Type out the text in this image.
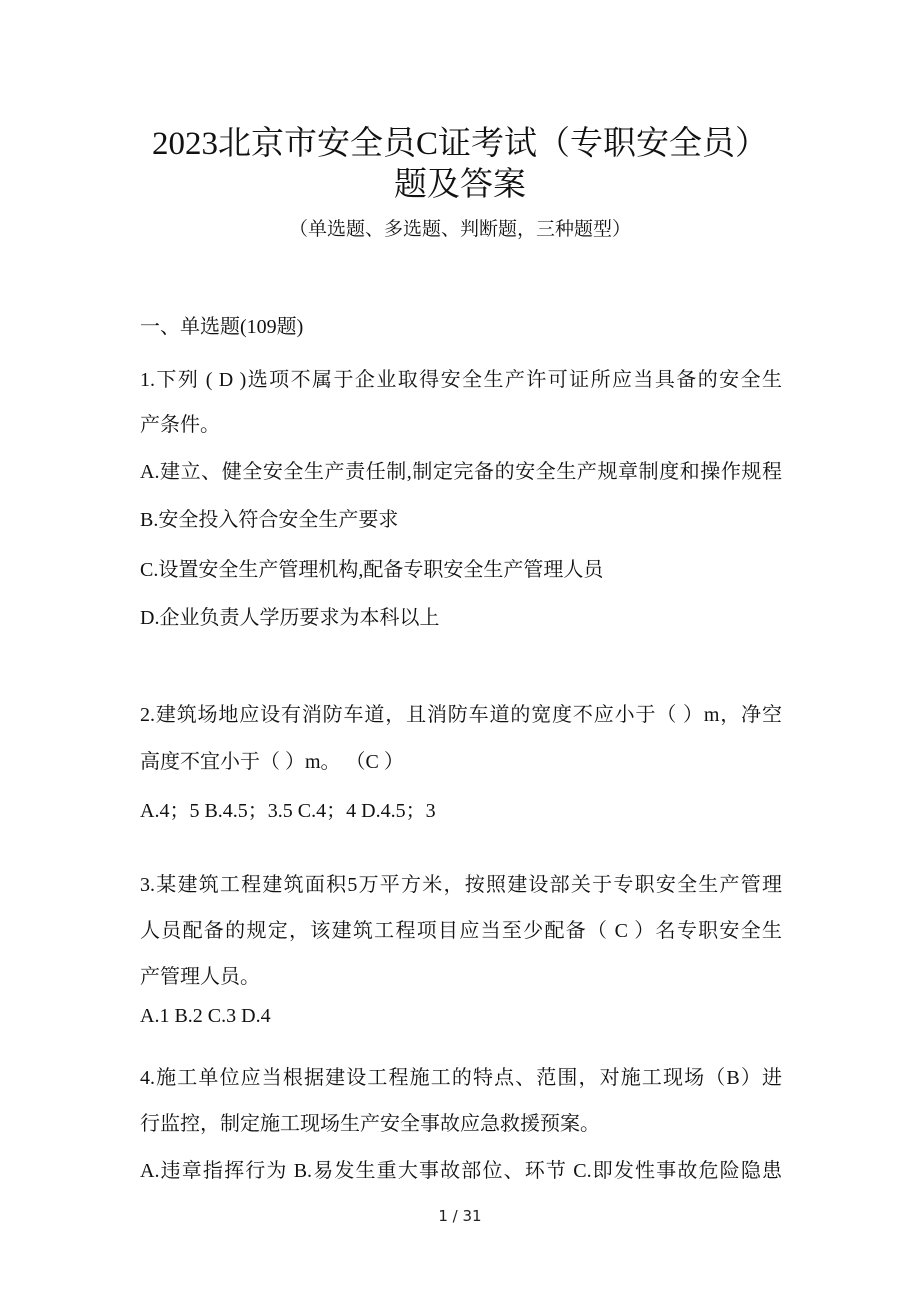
2023北京市安全员C证考试（专职安全员）
题及答案
（单选题、多选题、判断题，三种题型）
一、单选题(109题)
1.下列 ( D )选项不属于企业取得安全生产许可证所应当具备的安全生
产条件。
A.建立、健全安全生产责任制,制定完备的安全生产规章制度和操作规程
B.安全投入符合安全生产要求
C.设置安全生产管理机构,配备专职安全生产管理人员
D.企业负责人学历要求为本科以上
2.建筑场地应设有消防车道，且消防车道的宽度不应小于（ ）m，净空
高度不宜小于（ ）m。 （C ）
A.4；5 B.4.5；3.5 C.4；4 D.4.5；3
3.某建筑工程建筑面积5万平方米，按照建设部关于专职安全生产管理
人员配备的规定，该建筑工程项目应当至少配备（ C ）名专职安全生
产管理人员。
A.1 B.2 C.3 D.4
4.施工单位应当根据建设工程施工的特点、范围，对施工现场（B）进
行监控，制定施工现场生产安全事故应急救援预案。
A.违章指挥行为 B.易发生重大事故部位、环节 C.即发性事故危险隐患
1 / 31
